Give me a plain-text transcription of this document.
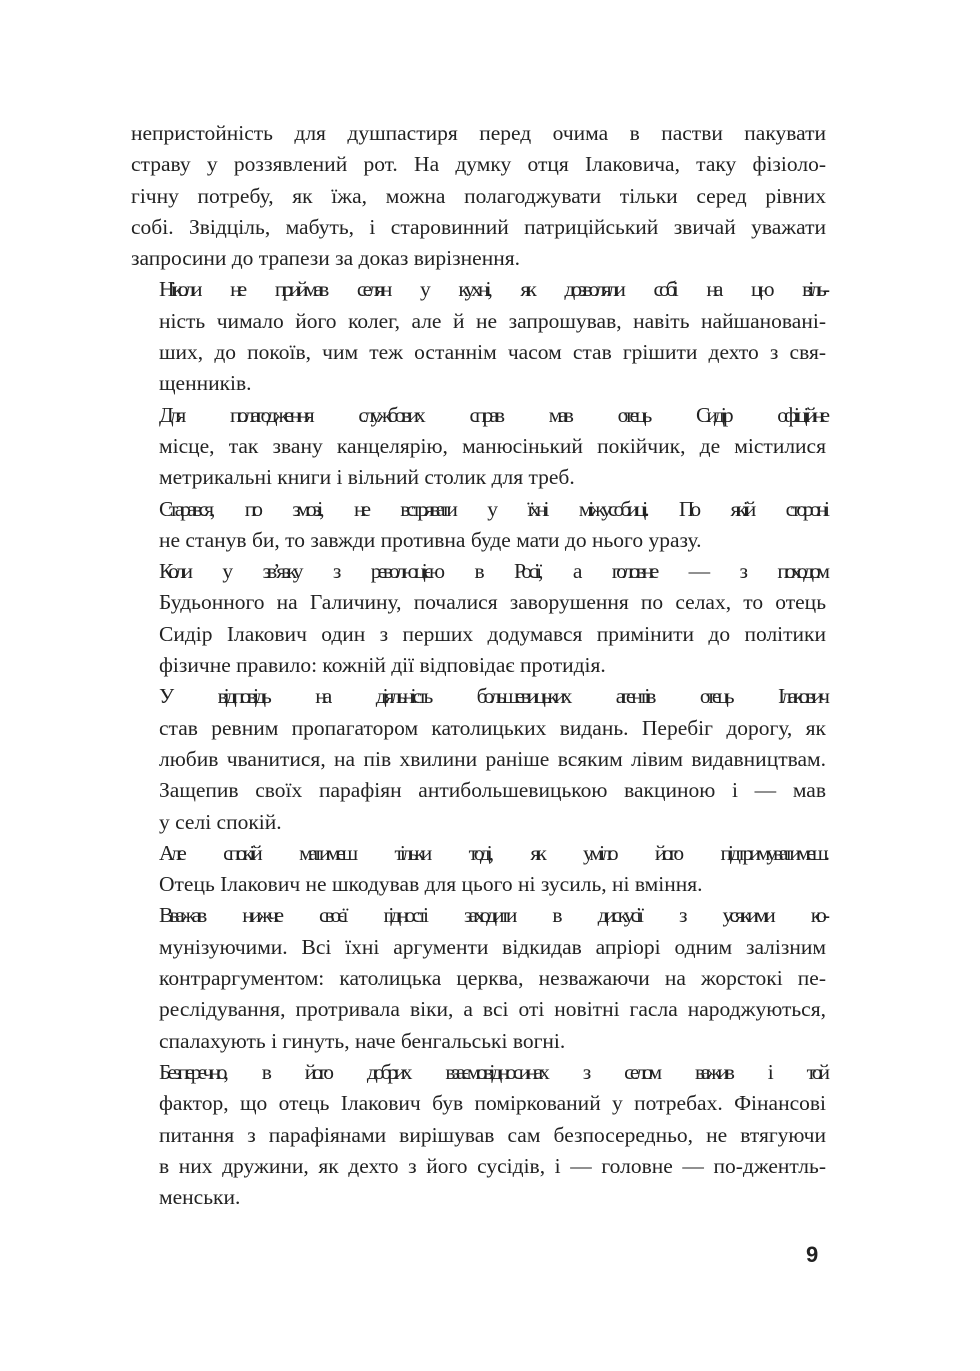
непристойність для душпастиря перед очима в пастви пакувати
страву у роззявлений рот. На думку отця Ілаковича, таку фізіоло-
гічну потребу, як їжа, можна полагоджувати тільки серед рівних
собі. Звідціль, мабуть, і старовинний патриційський звичай уважати
запросини до трапези за доказ вирізнення.
Ніколи не приймав селян у кухні, як дозволяли собі на цю віль-
ність чимало його колег, але й не запрошував, навіть найшановані-
ших, до покоїв, чим теж останнім часом став грішити дехто з свя-
щенників.
Для полагодження службових справ мав отець Сидір офіційне
місце, так звану канцелярію, манюсінький покійчик, де містилися
метрикальні книги і вільний столик для треб.
Старався, по змозі, не встрявати у їхні міжусобиці. По якій стороні
не станув би, то завжди противна буде мати до нього уразу.
Коли у зв’язку з революцією в Росії, а головне — з походом
Будьонного на Галичину, почалися заворушення по селах, то отець
Сидір Ілакович один з перших додумався примінити до політики
фізичне правило: кожній дії відповідає протидія.
У відповідь на діяльність большевицьких агентів отець Ілакович
став ревним пропагатором католицьких видань. Перебіг дорогу, як
любив чванитися, на пів хвилини раніше всяким лівим видавництвам.
Защепив своїх парафіян антибольшевицькою вакциною і — мав
у селі спокій.
Але спокій матимеш тільки тоді, як уміло його підтримуватимеш.
Отець Ілакович не шкодував для цього ні зусиль, ні вміння.
Вважав нижче своєї гідності заходити в дискусії з усякими ко-
мунізуючими. Всі їхні аргументи відкидав апріорі одним залізним
контраргументом: католицька церква, незважаючи на жорстокі пе-
реслідування, протривала віки, а всі оті новітні гасла народжуються,
спалахують і гинуть, наче бенгальські вогні.
Безперечно, в його добрих взаємовідносинах з селом важив і той
фактор, що отець Ілакович був поміркований у потребах. Фінансові
питання з парафіянами вирішував сам безпосередньо, не втягуючи
в них дружини, як дехто з його сусідів, і — головне — по-джентль-
менськи.
9
